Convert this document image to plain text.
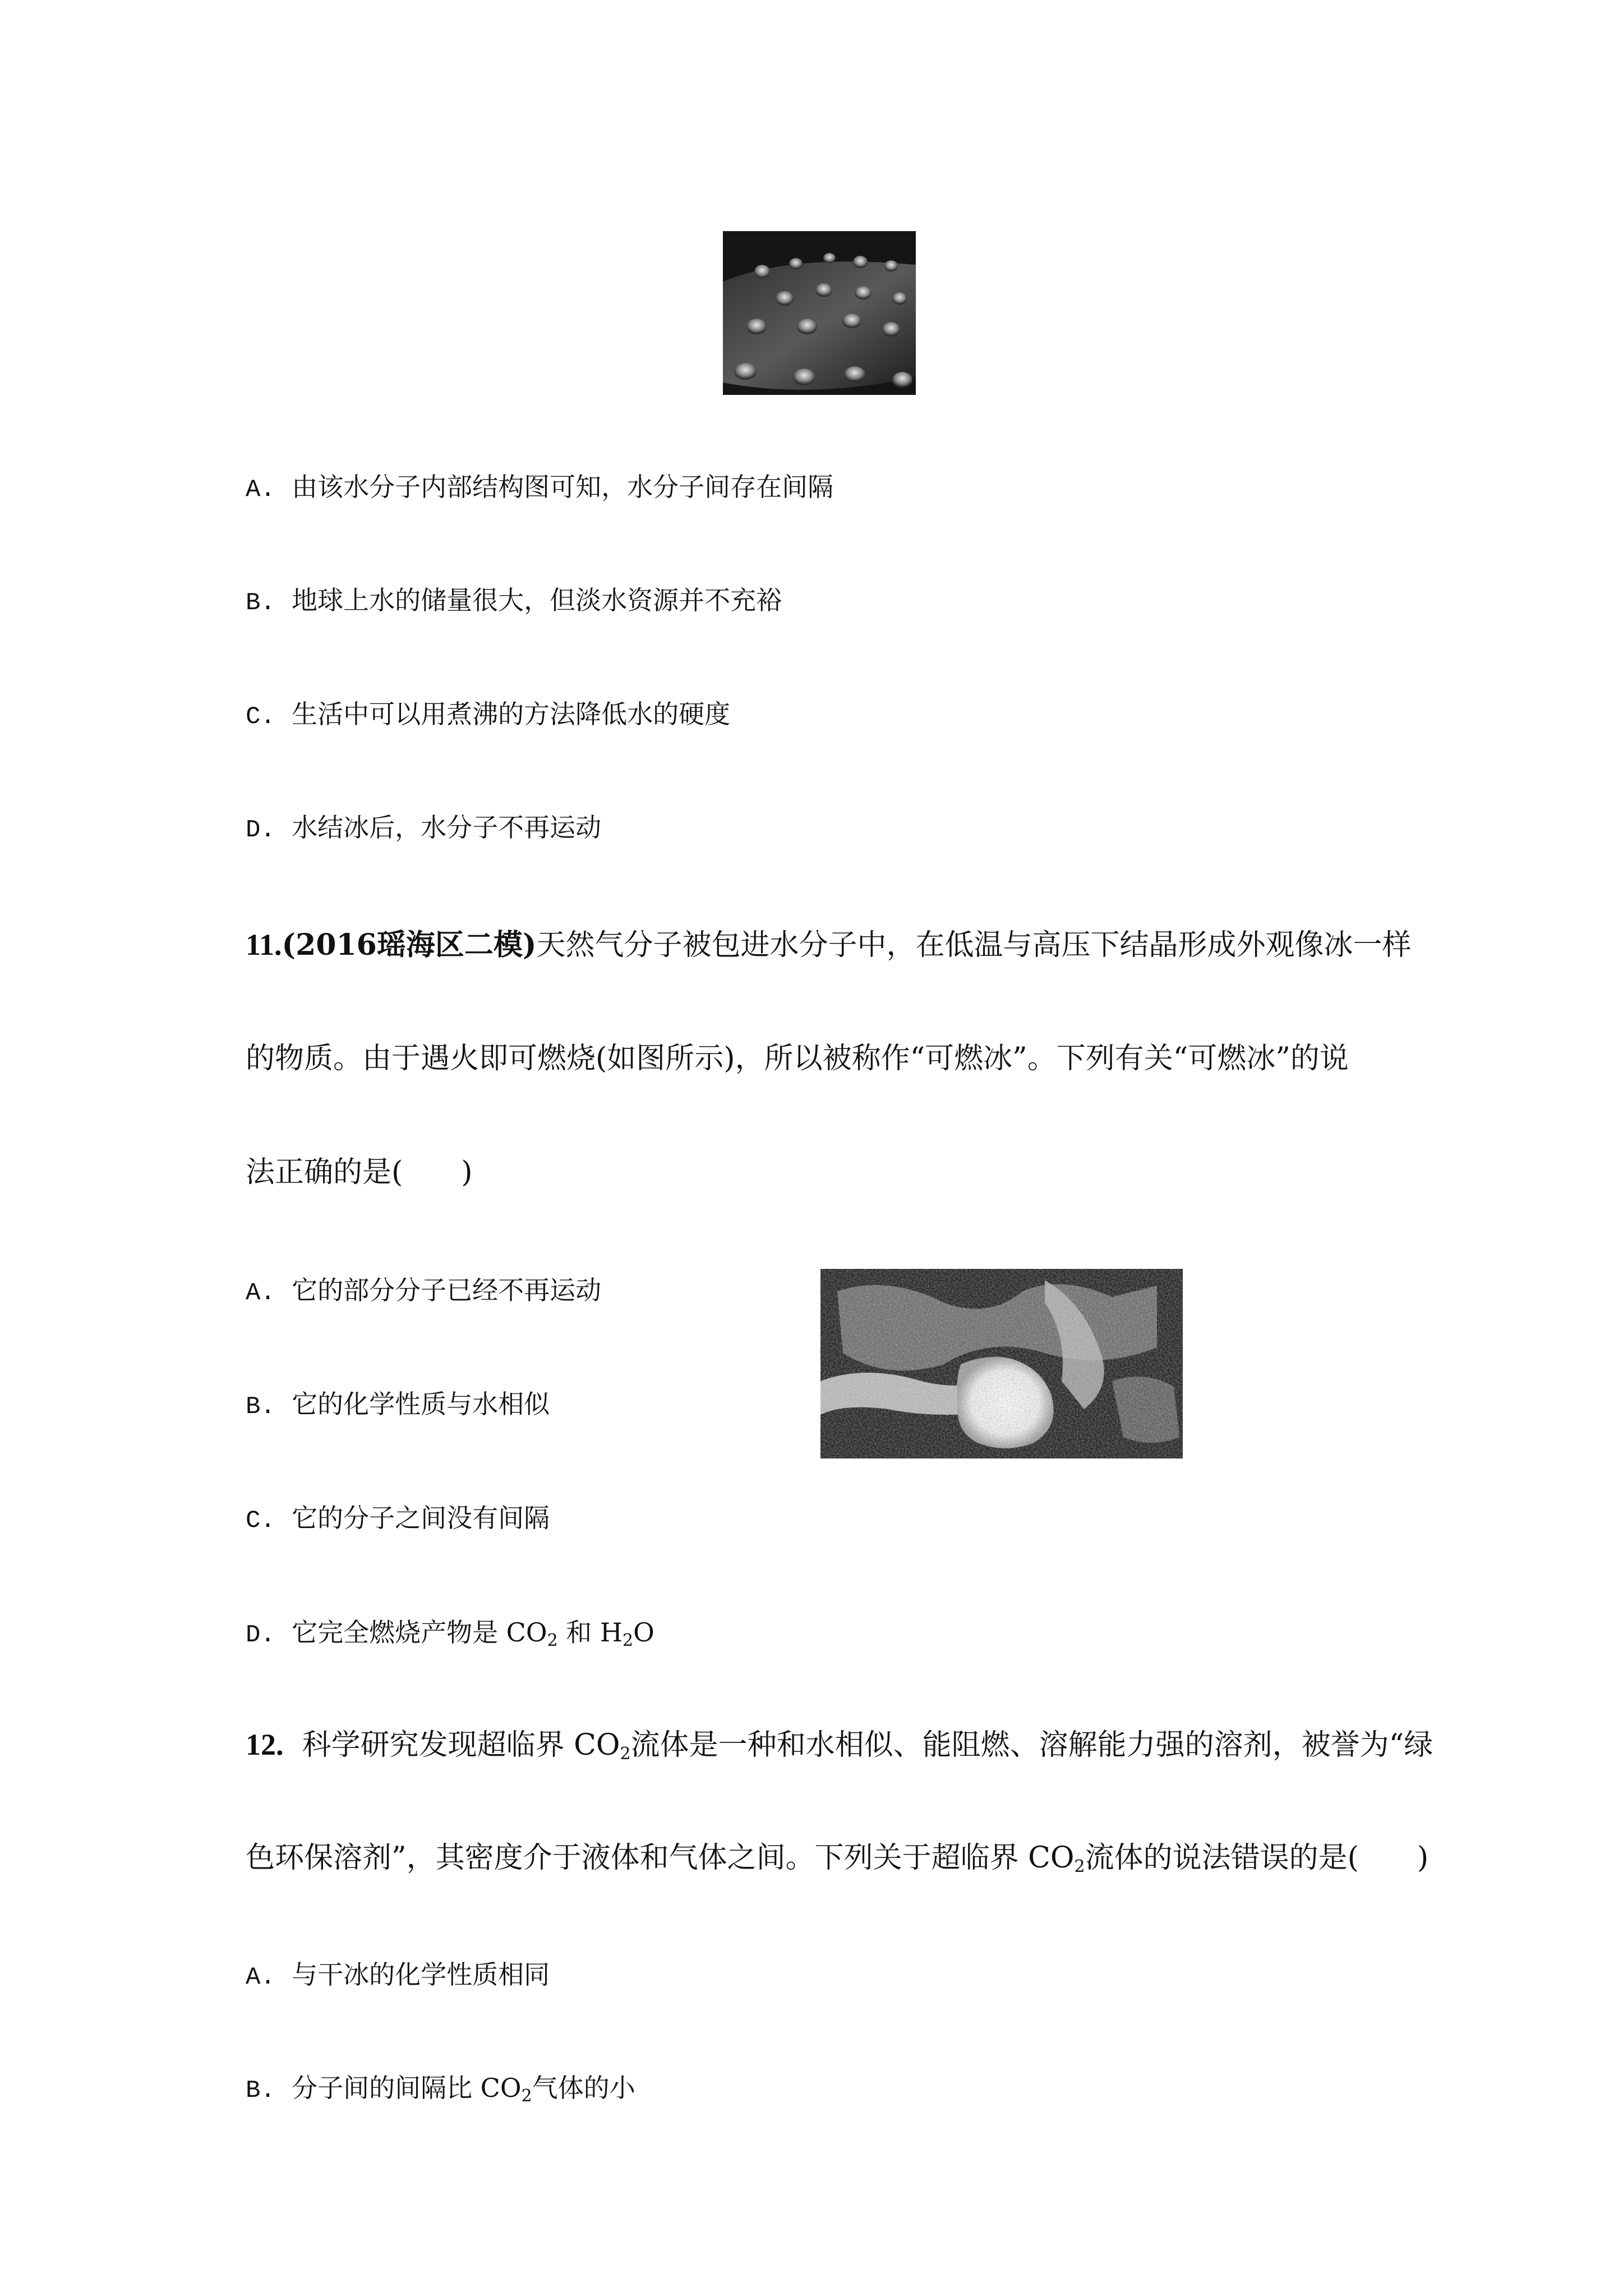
A. 由该水分子内部结构图可知，水分子间存在间隔
B. 地球上水的储量很大，但淡水资源并不充裕
C. 生活中可以用煮沸的方法降低水的硬度
D. 水结冰后，水分子不再运动
11.(2016瑶海区二模)天然气分子被包进水分子中，在低温与高压下结晶形成外观像冰一样
的物质。由于遇火即可燃烧(如图所示)，所以被称作“可燃冰”。下列有关“可燃冰”的说
法正确的是(　　)
A. 它的部分分子已经不再运动
B. 它的化学性质与水相似
C. 它的分子之间没有间隔
D. 它完全燃烧产物是 $CO_2$ 和 $H_2O$
12. 科学研究发现超临界 $CO_2$流体是一种和水相似、能阻燃、溶解能力强的溶剂，被誉为“绿
色环保溶剂”，其密度介于液体和气体之间。下列关于超临界 $CO_2$流体的说法错误的是(　　)
A. 与干冰的化学性质相同
B. 分子间的间隔比 $CO_2$气体的小
